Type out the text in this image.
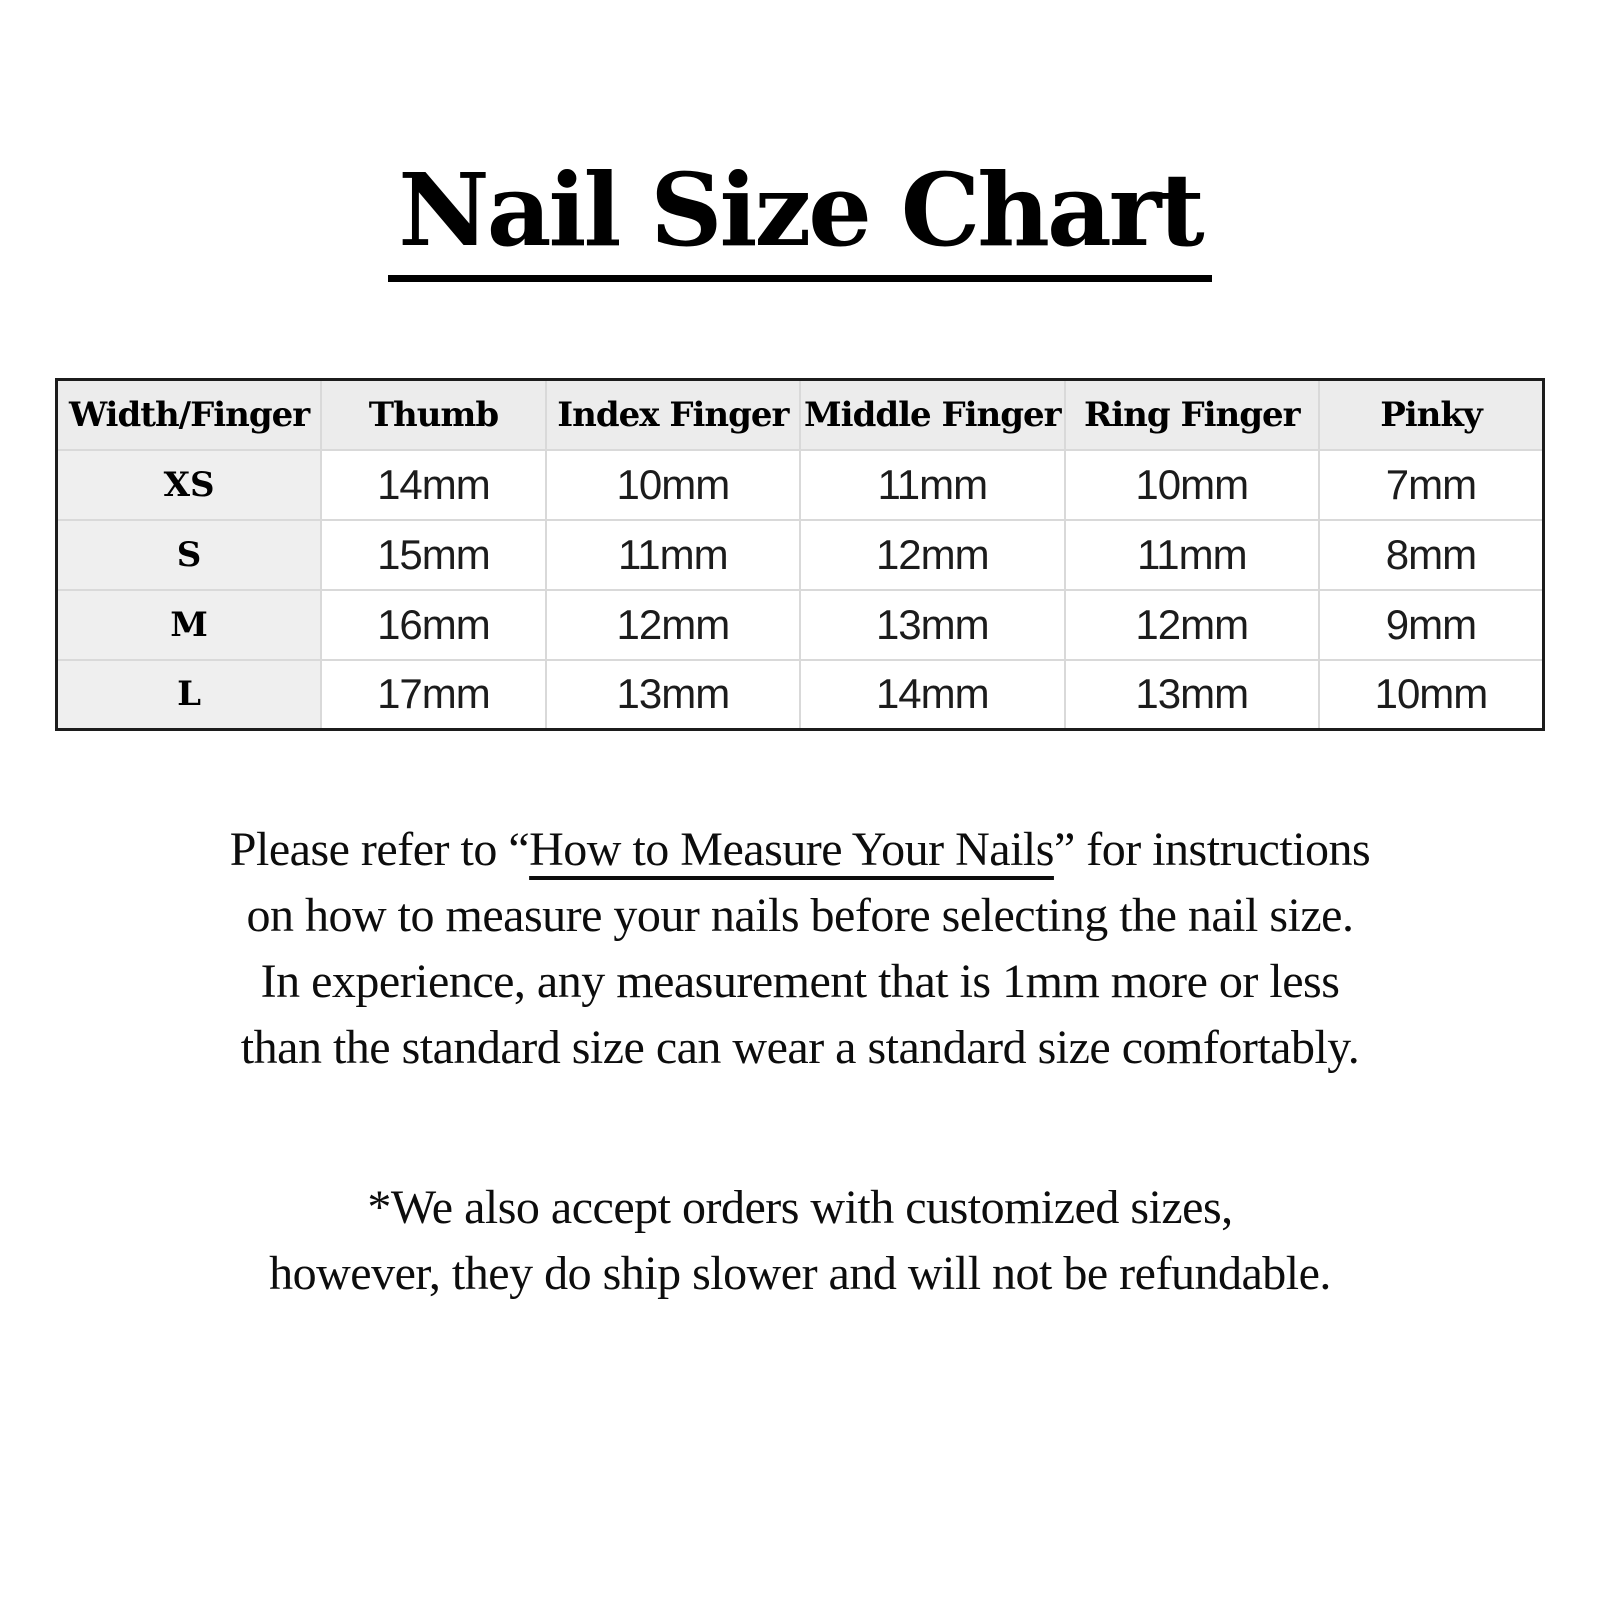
Nail Size Chart
Width/Finger	Thumb	Index Finger	Middle Finger	Ring Finger	Pinky
XS	14mm	10mm	11mm	10mm	7mm
S	15mm	11mm	12mm	11mm	8mm
M	16mm	12mm	13mm	12mm	9mm
L	17mm	13mm	14mm	13mm	10mm

Please refer to “How to Measure Your Nails” for instructions
on how to measure your nails before selecting the nail size.
In experience, any measurement that is 1mm more or less
than the standard size can wear a standard size comfortably.

*We also accept orders with customized sizes,
however, they do ship slower and will not be refundable.
